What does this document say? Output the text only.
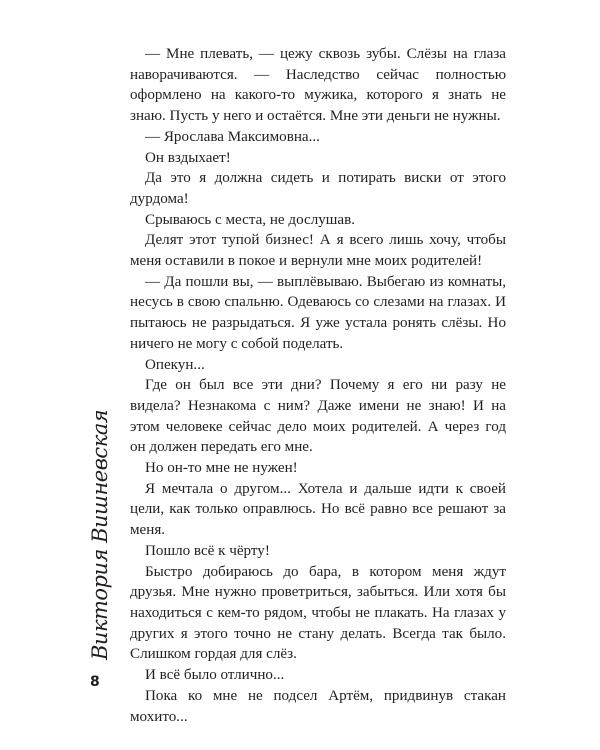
— Мне плевать, — цежу сквозь зубы. Слёзы на глаза наворачиваются. — Наследство сейчас полностью оформлено на какого-то мужика, которого я знать не знаю. Пусть у него и остаётся. Мне эти деньги не нужны.

— Ярослава Максимовна...

Он вздыхает!

Да это я должна сидеть и потирать виски от этого дурдома!

Срываюсь с места, не дослушав.

Делят этот тупой бизнес! А я всего лишь хочу, чтобы меня оставили в покое и вернули мне моих родителей!

— Да пошли вы, — выплёвываю. Выбегаю из комнаты, несусь в свою спальню. Одеваюсь со слезами на глазах. И пытаюсь не разрыдаться. Я уже устала ронять слёзы. Но ничего не могу с собой поделать.

Опекун...

Где он был все эти дни? Почему я его ни разу не видела? Незнакома с ним? Даже имени не знаю! И на этом человеке сейчас дело моих родителей. А через год он должен передать его мне.

Но он-то мне не нужен!

Я мечтала о другом... Хотела и дальше идти к своей цели, как только оправлюсь. Но всё равно все решают за меня.

Пошло всё к чёрту!

Быстро добираюсь до бара, в котором меня ждут друзья. Мне нужно проветриться, забыться. Или хотя бы находиться с кем-то рядом, чтобы не плакать. На глазах у других я этого точно не стану делать. Всегда так было. Слишком гордая для слёз.

И всё было отлично...

Пока ко мне не подсел Артём, придвинув стакан мохито...

Виктория Вишневская
8
